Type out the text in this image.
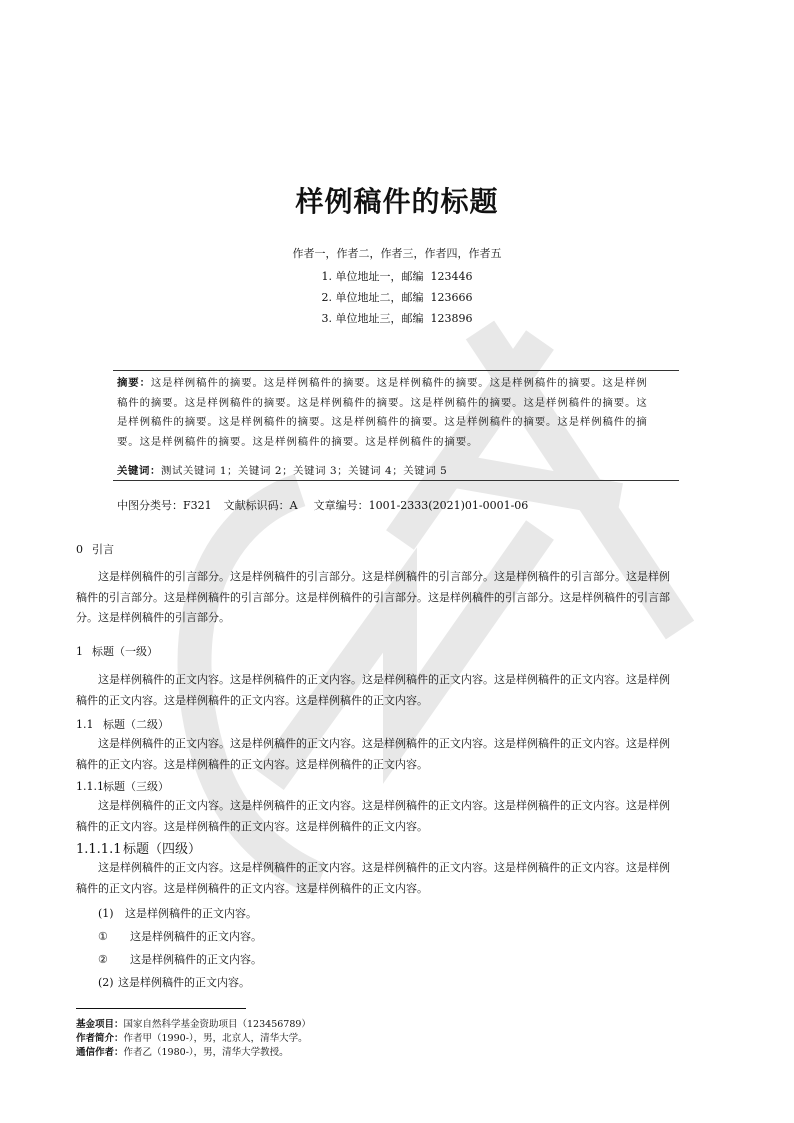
样例稿件的标题
作者一，作者二，作者三，作者四，作者五
1. 单位地址一，邮编  123446
2. 单位地址二，邮编  123666
3. 单位地址三，邮编  123896
摘要：这是样例稿件的摘要。这是样例稿件的摘要。这是样例稿件的摘要。这是样例稿件的摘要。这是样例
稿件的摘要。这是样例稿件的摘要。这是样例稿件的摘要。这是样例稿件的摘要。这是样例稿件的摘要。这
是样例稿件的摘要。这是样例稿件的摘要。这是样例稿件的摘要。这是样例稿件的摘要。这是样例稿件的摘
要。这是样例稿件的摘要。这是样例稿件的摘要。这是样例稿件的摘要。
关键词：测试关键词 1；关键词 2；关键词 3；关键词 4；关键词 5
中图分类号：F321 文献标识码：A 文章编号：1001-2333(2021)01-0001-06
0 引言
这是样例稿件的引言部分。这是样例稿件的引言部分。这是样例稿件的引言部分。这是样例稿件的引言部分。这是样例
稿件的引言部分。这是样例稿件的引言部分。这是样例稿件的引言部分。这是样例稿件的引言部分。这是样例稿件的引言部
分。这是样例稿件的引言部分。
1 标题（一级）
这是样例稿件的正文内容。这是样例稿件的正文内容。这是样例稿件的正文内容。这是样例稿件的正文内容。这是样例
稿件的正文内容。这是样例稿件的正文内容。这是样例稿件的正文内容。
1.1 标题（二级）
这是样例稿件的正文内容。这是样例稿件的正文内容。这是样例稿件的正文内容。这是样例稿件的正文内容。这是样例
稿件的正文内容。这是样例稿件的正文内容。这是样例稿件的正文内容。
1.1.1标题（三级）
这是样例稿件的正文内容。这是样例稿件的正文内容。这是样例稿件的正文内容。这是样例稿件的正文内容。这是样例
稿件的正文内容。这是样例稿件的正文内容。这是样例稿件的正文内容。
1.1.1.1 标题（四级）
这是样例稿件的正文内容。这是样例稿件的正文内容。这是样例稿件的正文内容。这是样例稿件的正文内容。这是样例
稿件的正文内容。这是样例稿件的正文内容。这是样例稿件的正文内容。
(1) 这是样例稿件的正文内容。
① 这是样例稿件的正文内容。
② 这是样例稿件的正文内容。
(2) 这是样例稿件的正文内容。
基金项目：国家自然科学基金资助项目（123456789）
作者简介：作者甲（1990-），男，北京人，清华大学。
通信作者：作者乙（1980-），男，清华大学教授。
